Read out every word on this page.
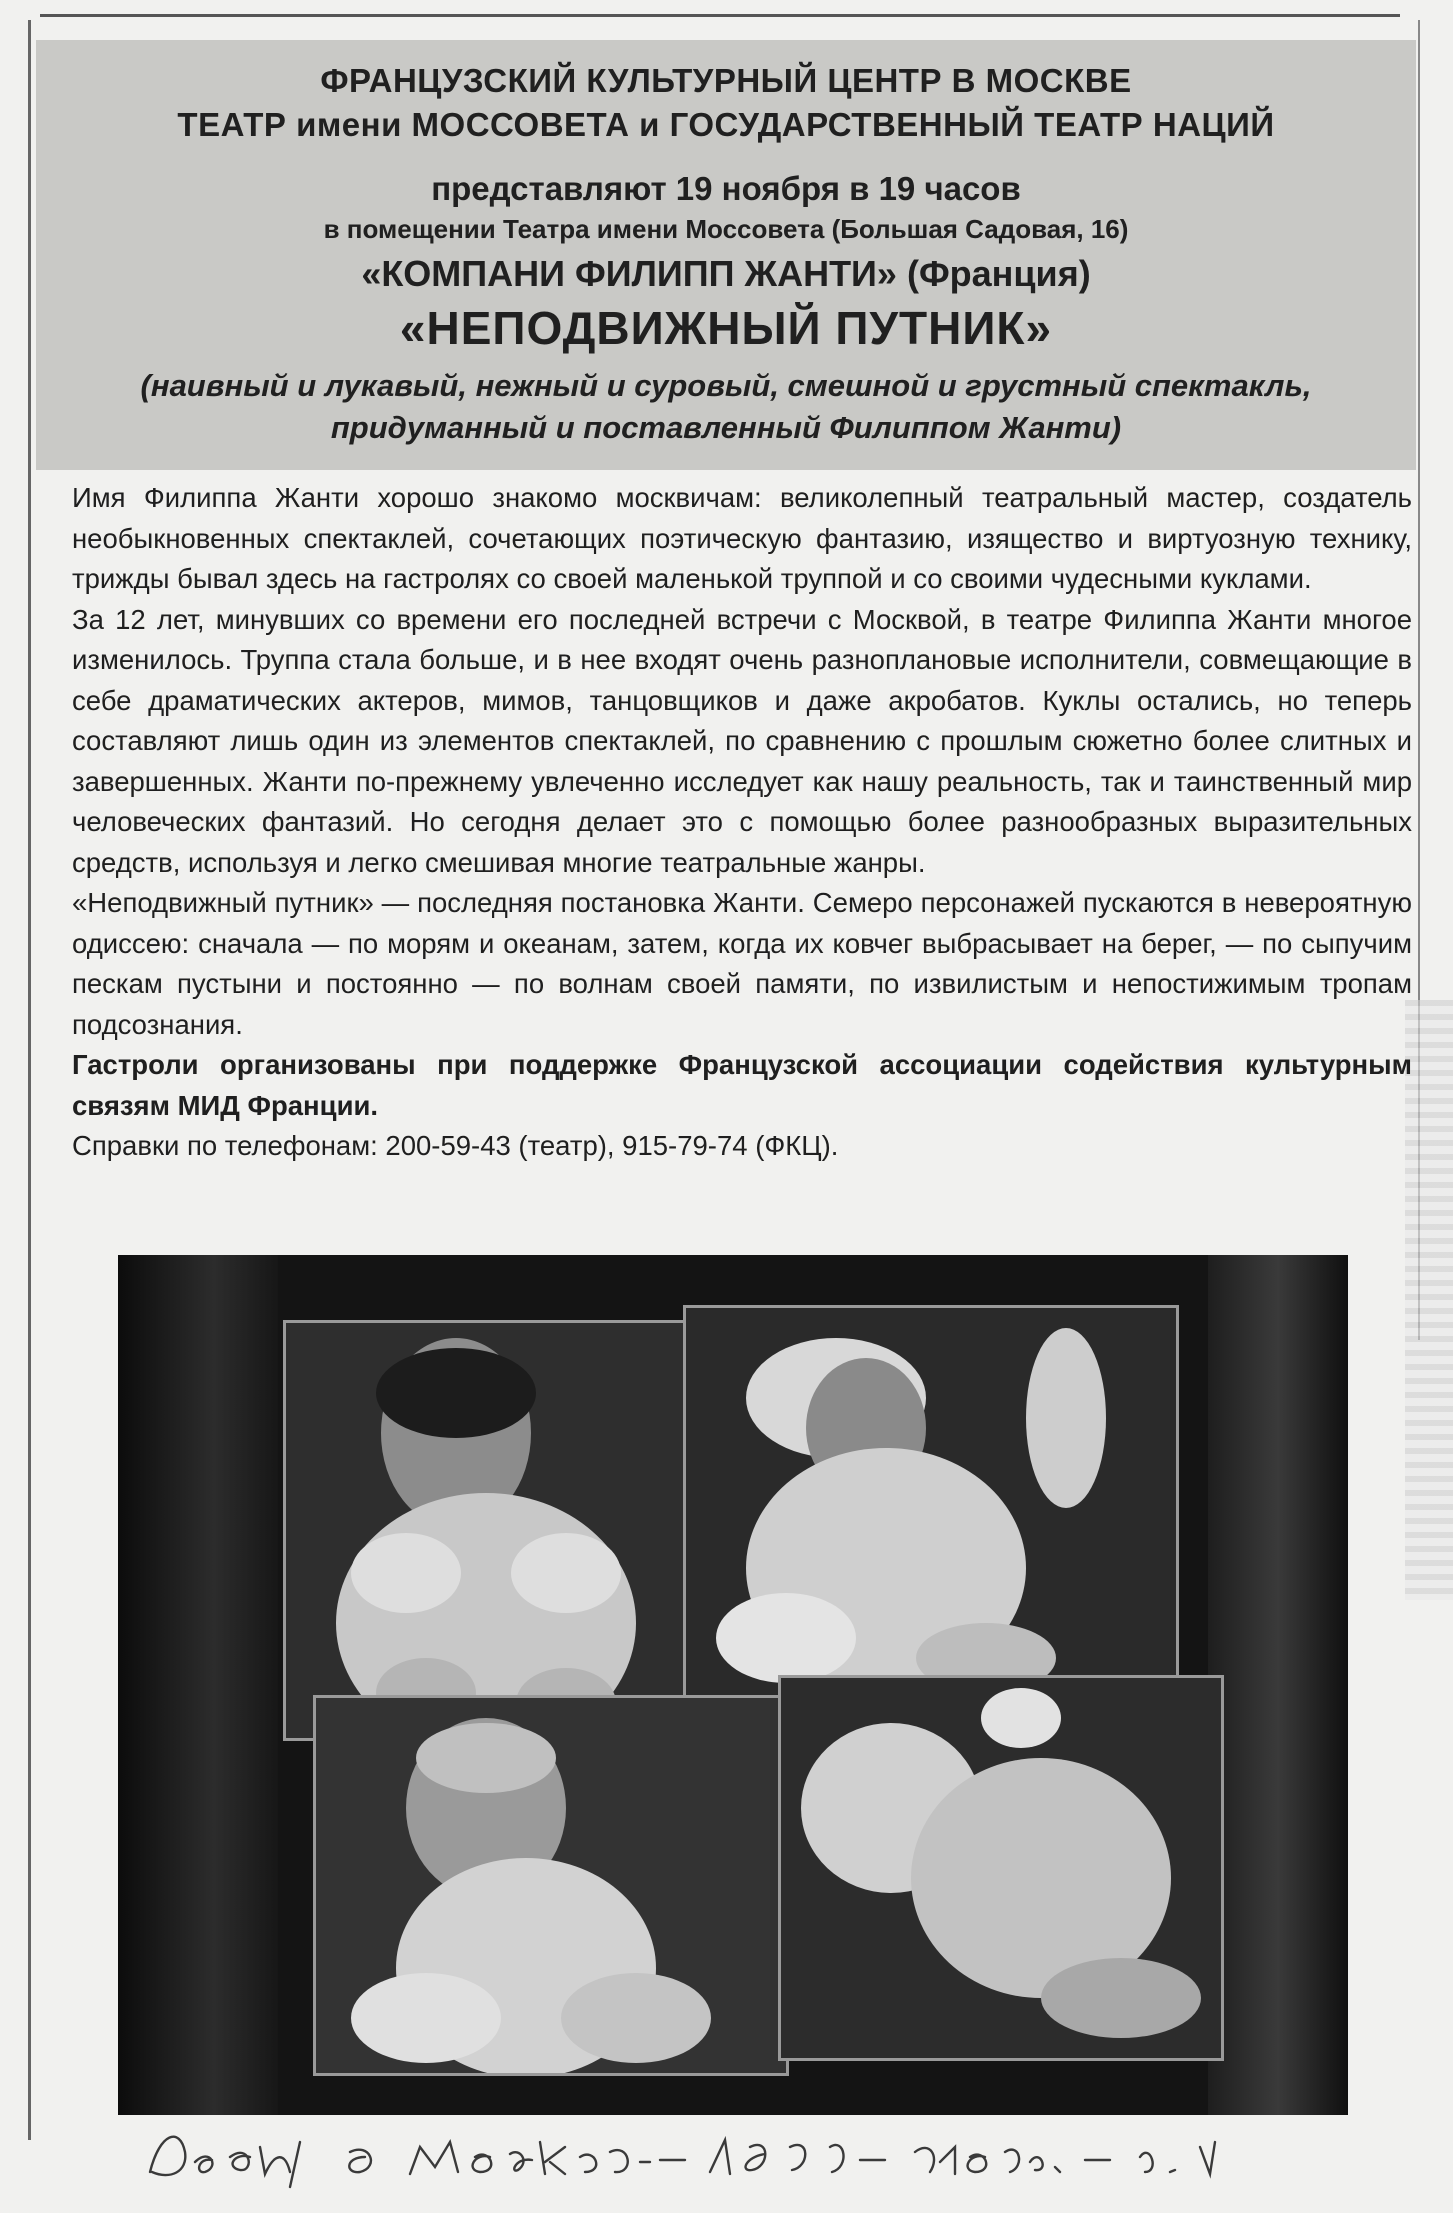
ФРАНЦУЗСКИЙ КУЛЬТУРНЫЙ ЦЕНТР В МОСКВЕ
ТЕАТР имени МОССОВЕТА и ГОСУДАРСТВЕННЫЙ ТЕАТР НАЦИЙ
представляют 19 ноября в 19 часов
в помещении Театра имени Моссовета (Большая Садовая, 16)
«КОМПАНИ ФИЛИПП ЖАНТИ» (Франция)
«НЕПОДВИЖНЫЙ ПУТНИК»
(наивный и лукавый, нежный и суровый, смешной и грустный спектакль, придуманный и поставленный Филиппом Жанти)

Имя Филиппа Жанти хорошо знакомо москвичам: великолепный театральный мастер, создатель необыкновенных спектаклей, сочетающих поэтическую фантазию, изящество и виртуозную технику, трижды бывал здесь на гастролях со своей маленькой труппой и со своими чудесными куклами.

За 12 лет, минувших со времени его последней встречи с Москвой, в театре Филиппа Жанти многое изменилось. Труппа стала больше, и в нее входят очень разноплановые исполнители, совмещающие в себе драматических актеров, мимов, танцовщиков и даже акробатов. Куклы остались, но теперь составляют лишь один из элементов спектаклей, по сравнению с прошлым сюжетно более слитных и завершенных. Жанти по-прежнему увлеченно исследует как нашу реальность, так и таинственный мир человеческих фантазий. Но сегодня делает это с помощью более разнообразных выразительных средств, используя и легко смешивая многие театральные жанры.

«Неподвижный путник» — последняя постановка Жанти. Семеро персонажей пускаются в невероятную одиссею: сначала — по морям и океанам, затем, когда их ковчег выбрасывает на берег, — по сыпучим пескам пустыни и постоянно — по волнам своей памяти, по извилистым и непостижимым тропам подсознания.

Гастроли организованы при поддержке Французской ассоциации содействия культурным связям МИД Франции.

Справки по телефонам: 200-59-43 (театр), 915-79-74 (ФКЦ).

Досуг в Москве. – 1996. – 9 нояб. – с. 1
